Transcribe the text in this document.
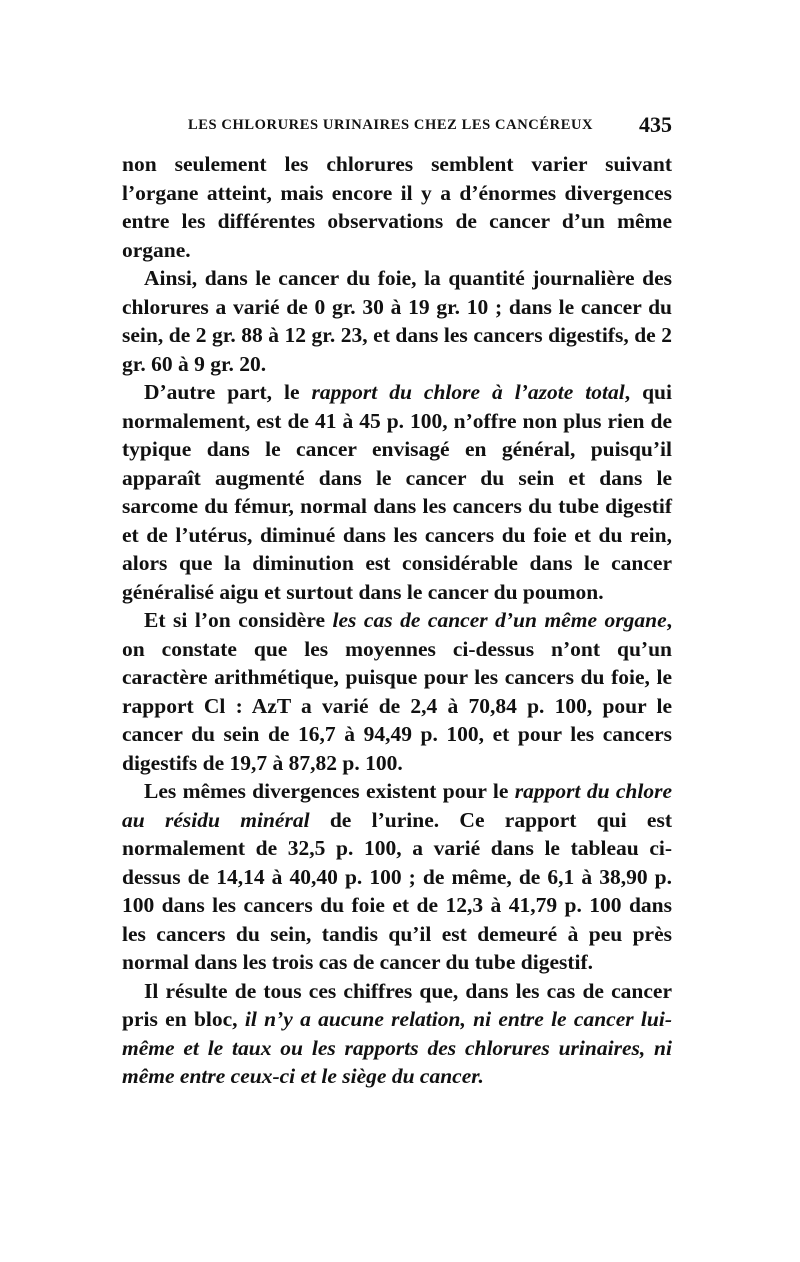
LES CHLORURES URINAIRES CHEZ LES CANCÉREUX 435

non seulement les chlorures semblent varier suivant l’organe atteint, mais encore il y a d’énormes divergences entre les différentes observations de cancer d’un même organe.

Ainsi, dans le cancer du foie, la quantité journalière des chlorures a varié de 0 gr. 30 à 19 gr. 10 ; dans le cancer du sein, de 2 gr. 88 à 12 gr. 23, et dans les cancers digestifs, de 2 gr. 60 à 9 gr. 20.

D’autre part, le rapport du chlore à l’azote total, qui normalement, est de 41 à 45 p. 100, n’offre non plus rien de typique dans le cancer envisagé en général, puisqu’il apparaît augmenté dans le cancer du sein et dans le sarcome du fémur, normal dans les cancers du tube digestif et de l’utérus, diminué dans les cancers du foie et du rein, alors que la diminution est considérable dans le cancer généralisé aigu et surtout dans le cancer du poumon.

Et si l’on considère les cas de cancer d’un même organe, on constate que les moyennes ci-dessus n’ont qu’un caractère arithmétique, puisque pour les cancers du foie, le rapport Cl : AzT a varié de 2,4 à 70,84 p. 100, pour le cancer du sein de 16,7 à 94,49 p. 100, et pour les cancers digestifs de 19,7 à 87,82 p. 100.

Les mêmes divergences existent pour le rapport du chlore au résidu minéral de l’urine. Ce rapport qui est normalement de 32,5 p. 100, a varié dans le tableau ci-dessus de 14,14 à 40,40 p. 100 ; de même, de 6,1 à 38,90 p. 100 dans les cancers du foie et de 12,3 à 41,79 p. 100 dans les cancers du sein, tandis qu’il est demeuré à peu près normal dans les trois cas de cancer du tube digestif.

Il résulte de tous ces chiffres que, dans les cas de cancer pris en bloc, il n’y a aucune relation, ni entre le cancer lui-même et le taux ou les rapports des chlorures urinaires, ni même entre ceux-ci et le siège du cancer.
